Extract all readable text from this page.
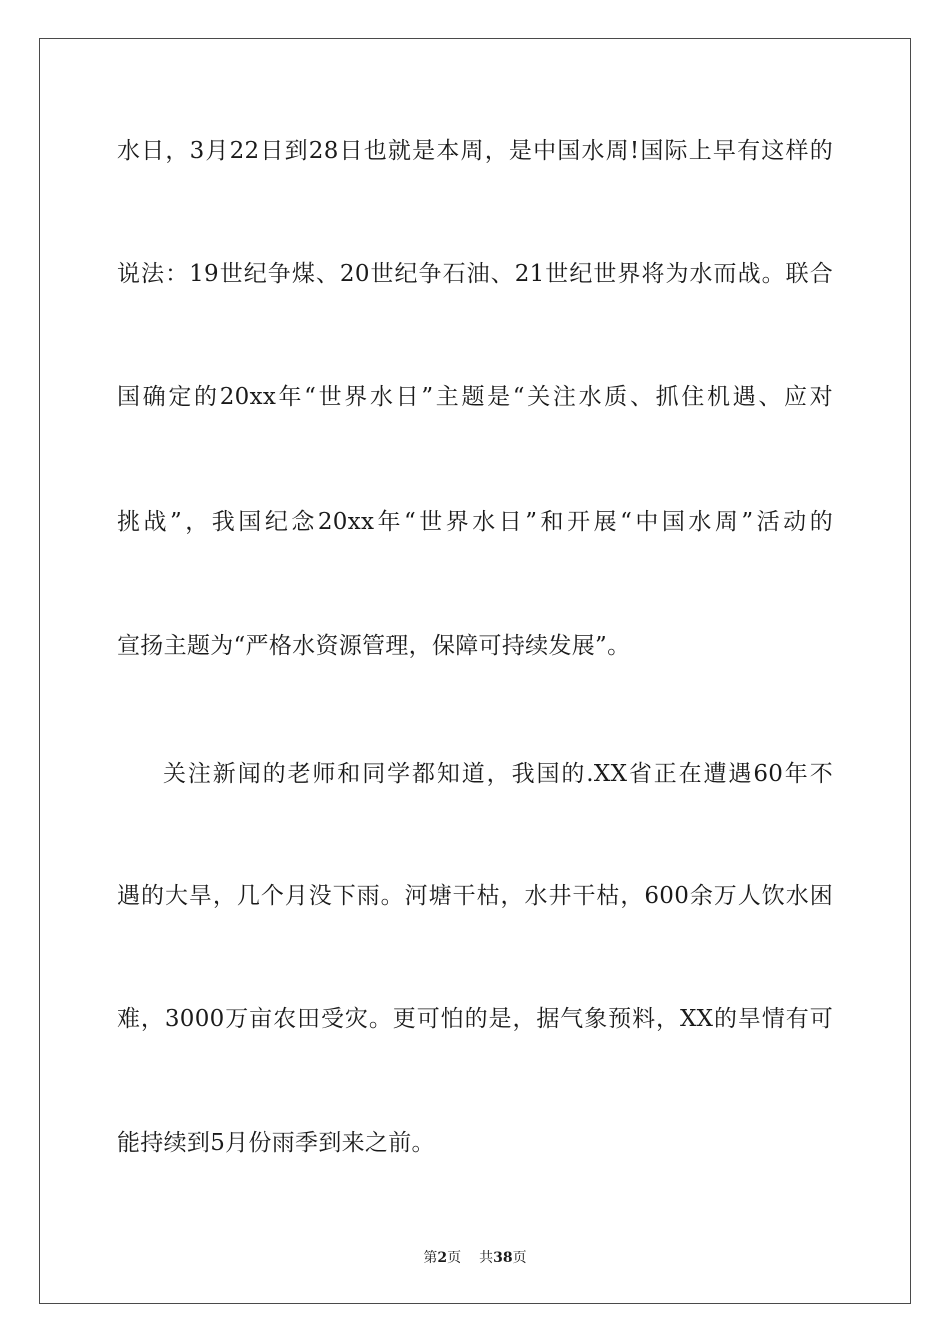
水日，3月22日到28日也就是本周，是中国水周!国际上早有这样的
说法：19世纪争煤、20世纪争石油、21世纪世界将为水而战。联合
国确定的20xx年“世界水日”主题是“关注水质、抓住机遇、应对
挑战”，我国纪念20xx年“世界水日”和开展“中国水周”活动的
宣扬主题为“严格水资源管理，保障可持续发展”。
关注新闻的老师和同学都知道，我国的.XX省正在遭遇60年不
遇的大旱，几个月没下雨。河塘干枯，水井干枯，600余万人饮水困
难，3000万亩农田受灾。更可怕的是，据气象预料，XX的旱情有可
能持续到5月份雨季到来之前。
第2页 共38页
